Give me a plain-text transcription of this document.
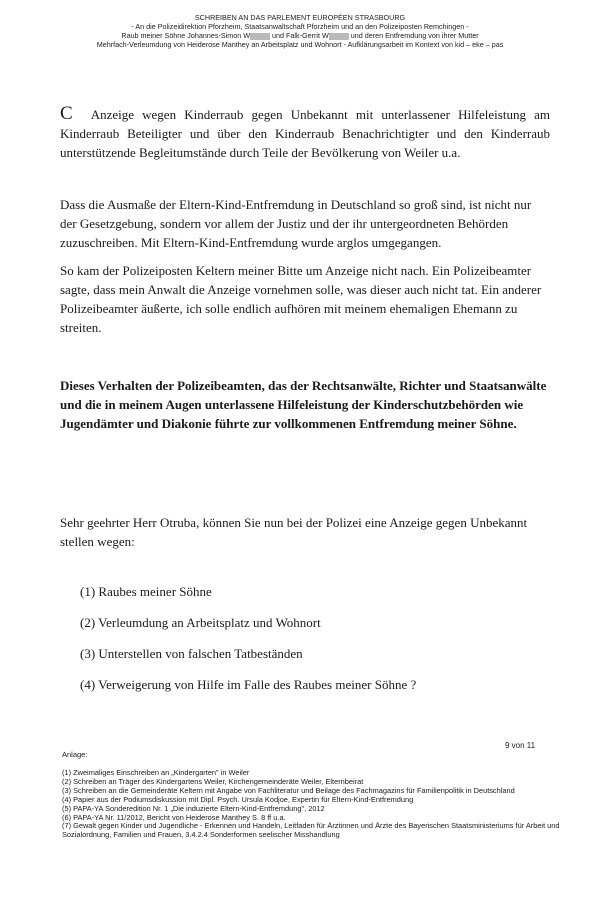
SCHREIBEN AN DAS PARLEMENT EUROPÉEN STRASBOURG
- An die Polizeidirektion Pforzheim, Staatsanwaltschaft Pforzheim und an den Polizeiposten Remchingen -
Raub meiner Söhne Johannes-Simon W	und Falk-Gerrit W	und deren Entfremdung von ihrer Mutter
Mehrfach-Verleumdung von Heiderose Manthey an Arbeitsplatz und Wohnort - Aufklärungsarbeit im Kontext von kid – eke – pas
C Anzeige wegen Kinderraub gegen Unbekannt mit unterlassener Hilfeleistung am Kinderraub Beteiligter und über den Kinderraub Benachrichtigter und den Kinderraub unterstützende Begleitumstände durch Teile der Bevölkerung von Weiler u.a.
Dass die Ausmaße der Eltern-Kind-Entfremdung in Deutschland so groß sind, ist nicht nur der Gesetzgebung, sondern vor allem der Justiz und der ihr untergeordneten Behörden zuzuschreiben. Mit Eltern-Kind-Entfremdung wurde arglos umgegangen.
So kam der Polizeiposten Keltern meiner Bitte um Anzeige nicht nach. Ein Polizeibeamter sagte, dass mein Anwalt die Anzeige vornehmen solle, was dieser auch nicht tat. Ein anderer Polizeibeamter äußerte, ich solle endlich aufhören mit meinem ehemaligen Ehemann zu streiten.
Dieses Verhalten der Polizeibeamten, das der Rechtsanwälte, Richter und Staatsanwälte und die in meinem Augen unterlassene Hilfeleistung der Kinderschutzbehörden wie Jugendämter und Diakonie führte zur vollkommenen Entfremdung meiner Söhne.
Sehr geehrter Herr Otruba, können Sie nun bei der Polizei eine Anzeige gegen Unbekannt stellen wegen:
(1) Raubes meiner Söhne
(2) Verleumdung an Arbeitsplatz und Wohnort
(3) Unterstellen von falschen Tatbeständen
(4) Verweigerung von Hilfe im Falle des Raubes meiner Söhne ?
9 von 11
Anlage:
(1) Zweimaliges Einschreiben an „Kindergarten" in Weiler
(2) Schreiben an Träger des Kindergartens Weiler, Kirchengemeinderäte Weiler, Elternbeirat
(3) Schreiben an die Gemeinderäte Keltern mit Angabe von Fachliteratur und Beilage des Fachmagazins für Familienpolitik in Deutschland
(4) Papier aus der Podiumsdiskussion mit Dipl. Psych. Ursula Kodjoe, Expertin für Eltern-Kind-Entfremdung
(5) PAPA-YA Sonderedition Nr. 1 „Die induzierte Eltern-Kind-Entfremdung", 2012
(6) PAPA-YA Nr. 11/2012, Bericht von Heiderose Manthey S. 8 ff u.a.
(7) Gewalt gegen Kinder und Jugendliche - Erkennen und Handeln, Leitfaden für Ärztinnen und Ärzte des Bayerischen Staatsministeriums für Arbeit und Sozialordnung, Familien und Frauen, 3.4.2.4 Sonderformen seelischer Misshandlung
